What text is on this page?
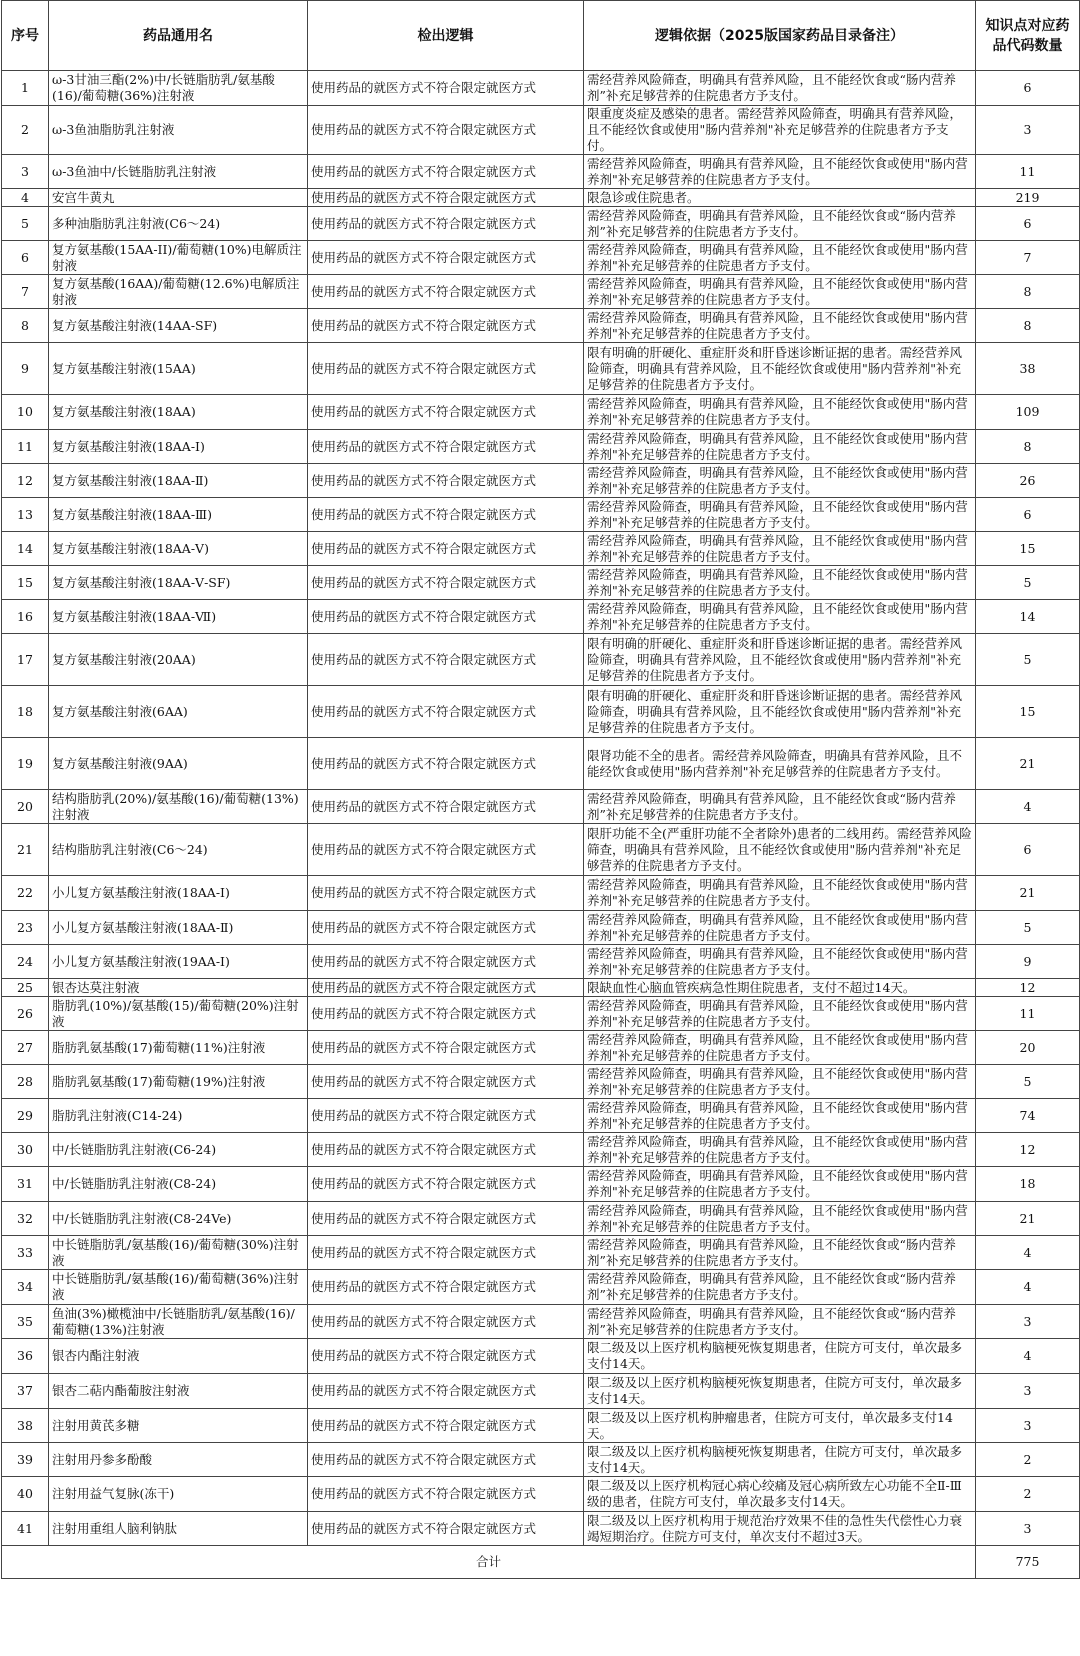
序号	药品通用名	检出逻辑	逻辑依据（2025版国家药品目录备注）	知识点对应药品代码数量
1	ω-3甘油三酯(2%)中/长链脂肪乳/氨基酸(16)/葡萄糖(36%)注射液	使用药品的就医方式不符合限定就医方式	需经营养风险筛查，明确具有营养风险，且不能经饮食或“肠内营养剂”补充足够营养的住院患者方予支付。	6
2	ω-3鱼油脂肪乳注射液	使用药品的就医方式不符合限定就医方式	限重度炎症及感染的患者。需经营养风险筛查，明确具有营养风险，且不能经饮食或使用"肠内营养剂"补充足够营养的住院患者方予支付。	3
3	ω-3鱼油中/长链脂肪乳注射液	使用药品的就医方式不符合限定就医方式	需经营养风险筛查，明确具有营养风险，且不能经饮食或使用"肠内营养剂"补充足够营养的住院患者方予支付。	11
4	安宫牛黄丸	使用药品的就医方式不符合限定就医方式	限急诊或住院患者。	219
5	多种油脂肪乳注射液(C6～24)	使用药品的就医方式不符合限定就医方式	需经营养风险筛查，明确具有营养风险，且不能经饮食或“肠内营养剂”补充足够营养的住院患者方予支付。	6
6	复方氨基酸(15AA-II)/葡萄糖(10%)电解质注射液	使用药品的就医方式不符合限定就医方式	需经营养风险筛查，明确具有营养风险，且不能经饮食或使用"肠内营养剂"补充足够营养的住院患者方予支付。	7
7	复方氨基酸(16AA)/葡萄糖(12.6%)电解质注射液	使用药品的就医方式不符合限定就医方式	需经营养风险筛查，明确具有营养风险，且不能经饮食或使用"肠内营养剂"补充足够营养的住院患者方予支付。	8
8	复方氨基酸注射液(14AA-SF)	使用药品的就医方式不符合限定就医方式	需经营养风险筛查，明确具有营养风险，且不能经饮食或使用"肠内营养剂"补充足够营养的住院患者方予支付。	8
9	复方氨基酸注射液(15AA)	使用药品的就医方式不符合限定就医方式	限有明确的肝硬化、重症肝炎和肝昏迷诊断证据的患者。需经营养风险筛查，明确具有营养风险，且不能经饮食或使用"肠内营养剂"补充足够营养的住院患者方予支付。	38
10	复方氨基酸注射液(18AA)	使用药品的就医方式不符合限定就医方式	需经营养风险筛查，明确具有营养风险，且不能经饮食或使用"肠内营养剂"补充足够营养的住院患者方予支付。	109
11	复方氨基酸注射液(18AA-Ⅰ)	使用药品的就医方式不符合限定就医方式	需经营养风险筛查，明确具有营养风险，且不能经饮食或使用"肠内营养剂"补充足够营养的住院患者方予支付。	8
12	复方氨基酸注射液(18AA-Ⅱ)	使用药品的就医方式不符合限定就医方式	需经营养风险筛查，明确具有营养风险，且不能经饮食或使用"肠内营养剂"补充足够营养的住院患者方予支付。	26
13	复方氨基酸注射液(18AA-Ⅲ)	使用药品的就医方式不符合限定就医方式	需经营养风险筛查，明确具有营养风险，且不能经饮食或使用"肠内营养剂"补充足够营养的住院患者方予支付。	6
14	复方氨基酸注射液(18AA-Ⅴ)	使用药品的就医方式不符合限定就医方式	需经营养风险筛查，明确具有营养风险，且不能经饮食或使用"肠内营养剂"补充足够营养的住院患者方予支付。	15
15	复方氨基酸注射液(18AA-Ⅴ-SF)	使用药品的就医方式不符合限定就医方式	需经营养风险筛查，明确具有营养风险，且不能经饮食或使用"肠内营养剂"补充足够营养的住院患者方予支付。	5
16	复方氨基酸注射液(18AA-Ⅶ)	使用药品的就医方式不符合限定就医方式	需经营养风险筛查，明确具有营养风险，且不能经饮食或使用"肠内营养剂"补充足够营养的住院患者方予支付。	14
17	复方氨基酸注射液(20AA)	使用药品的就医方式不符合限定就医方式	限有明确的肝硬化、重症肝炎和肝昏迷诊断证据的患者。需经营养风险筛查，明确具有营养风险，且不能经饮食或使用"肠内营养剂"补充足够营养的住院患者方予支付。	5
18	复方氨基酸注射液(6AA)	使用药品的就医方式不符合限定就医方式	限有明确的肝硬化、重症肝炎和肝昏迷诊断证据的患者。需经营养风险筛查，明确具有营养风险，且不能经饮食或使用"肠内营养剂"补充足够营养的住院患者方予支付。	15
19	复方氨基酸注射液(9AA)	使用药品的就医方式不符合限定就医方式	限肾功能不全的患者。需经营养风险筛查，明确具有营养风险，且不能经饮食或使用"肠内营养剂"补充足够营养的住院患者方予支付。	21
20	结构脂肪乳(20%)/氨基酸(16)/葡萄糖(13%)注射液	使用药品的就医方式不符合限定就医方式	需经营养风险筛查，明确具有营养风险，且不能经饮食或“肠内营养剂”补充足够营养的住院患者方予支付。	4
21	结构脂肪乳注射液(C6～24)	使用药品的就医方式不符合限定就医方式	限肝功能不全(严重肝功能不全者除外)患者的二线用药。需经营养风险筛查，明确具有营养风险，且不能经饮食或使用"肠内营养剂"补充足够营养的住院患者方予支付。	6
22	小儿复方氨基酸注射液(18AA-Ⅰ)	使用药品的就医方式不符合限定就医方式	需经营养风险筛查，明确具有营养风险，且不能经饮食或使用"肠内营养剂"补充足够营养的住院患者方予支付。	21
23	小儿复方氨基酸注射液(18AA-Ⅱ)	使用药品的就医方式不符合限定就医方式	需经营养风险筛查，明确具有营养风险，且不能经饮食或使用"肠内营养剂"补充足够营养的住院患者方予支付。	5
24	小儿复方氨基酸注射液(19AA-Ⅰ)	使用药品的就医方式不符合限定就医方式	需经营养风险筛查，明确具有营养风险，且不能经饮食或使用"肠内营养剂"补充足够营养的住院患者方予支付。	9
25	银杏达莫注射液	使用药品的就医方式不符合限定就医方式	限缺血性心脑血管疾病急性期住院患者，支付不超过14天。	12
26	脂肪乳(10%)/氨基酸(15)/葡萄糖(20%)注射液	使用药品的就医方式不符合限定就医方式	需经营养风险筛查，明确具有营养风险，且不能经饮食或使用"肠内营养剂"补充足够营养的住院患者方予支付。	11
27	脂肪乳氨基酸(17)葡萄糖(11%)注射液	使用药品的就医方式不符合限定就医方式	需经营养风险筛查，明确具有营养风险，且不能经饮食或使用"肠内营养剂"补充足够营养的住院患者方予支付。	20
28	脂肪乳氨基酸(17)葡萄糖(19%)注射液	使用药品的就医方式不符合限定就医方式	需经营养风险筛查，明确具有营养风险，且不能经饮食或使用"肠内营养剂"补充足够营养的住院患者方予支付。	5
29	脂肪乳注射液(C14-24)	使用药品的就医方式不符合限定就医方式	需经营养风险筛查，明确具有营养风险，且不能经饮食或使用"肠内营养剂"补充足够营养的住院患者方予支付。	74
30	中/长链脂肪乳注射液(C6-24)	使用药品的就医方式不符合限定就医方式	需经营养风险筛查，明确具有营养风险，且不能经饮食或使用"肠内营养剂"补充足够营养的住院患者方予支付。	12
31	中/长链脂肪乳注射液(C8-24)	使用药品的就医方式不符合限定就医方式	需经营养风险筛查，明确具有营养风险，且不能经饮食或使用"肠内营养剂"补充足够营养的住院患者方予支付。	18
32	中/长链脂肪乳注射液(C8-24Ve)	使用药品的就医方式不符合限定就医方式	需经营养风险筛查，明确具有营养风险，且不能经饮食或使用"肠内营养剂"补充足够营养的住院患者方予支付。	21
33	中长链脂肪乳/氨基酸(16)/葡萄糖(30%)注射液	使用药品的就医方式不符合限定就医方式	需经营养风险筛查，明确具有营养风险，且不能经饮食或“肠内营养剂”补充足够营养的住院患者方予支付。	4
34	中长链脂肪乳/氨基酸(16)/葡萄糖(36%)注射液	使用药品的就医方式不符合限定就医方式	需经营养风险筛查，明确具有营养风险，且不能经饮食或“肠内营养剂”补充足够营养的住院患者方予支付。	4
35	鱼油(3%)橄榄油中/长链脂肪乳/氨基酸(16)/葡萄糖(13%)注射液	使用药品的就医方式不符合限定就医方式	需经营养风险筛查，明确具有营养风险，且不能经饮食或“肠内营养剂”补充足够营养的住院患者方予支付。	3
36	银杏内酯注射液	使用药品的就医方式不符合限定就医方式	限二级及以上医疗机构脑梗死恢复期患者，住院方可支付，单次最多支付14天。	4
37	银杏二萜内酯葡胺注射液	使用药品的就医方式不符合限定就医方式	限二级及以上医疗机构脑梗死恢复期患者，住院方可支付，单次最多支付14天。	3
38	注射用黄芪多糖	使用药品的就医方式不符合限定就医方式	限二级及以上医疗机构肿瘤患者，住院方可支付，单次最多支付14天。	3
39	注射用丹参多酚酸	使用药品的就医方式不符合限定就医方式	限二级及以上医疗机构脑梗死恢复期患者，住院方可支付，单次最多支付14天。	2
40	注射用益气复脉(冻干)	使用药品的就医方式不符合限定就医方式	限二级及以上医疗机构冠心病心绞痛及冠心病所致左心功能不全Ⅱ-Ⅲ级的患者，住院方可支付，单次最多支付14天。	2
41	注射用重组人脑利钠肽	使用药品的就医方式不符合限定就医方式	限二级及以上医疗机构用于规范治疗效果不佳的急性失代偿性心力衰竭短期治疗。住院方可支付，单次支付不超过3天。	3
合计				775
